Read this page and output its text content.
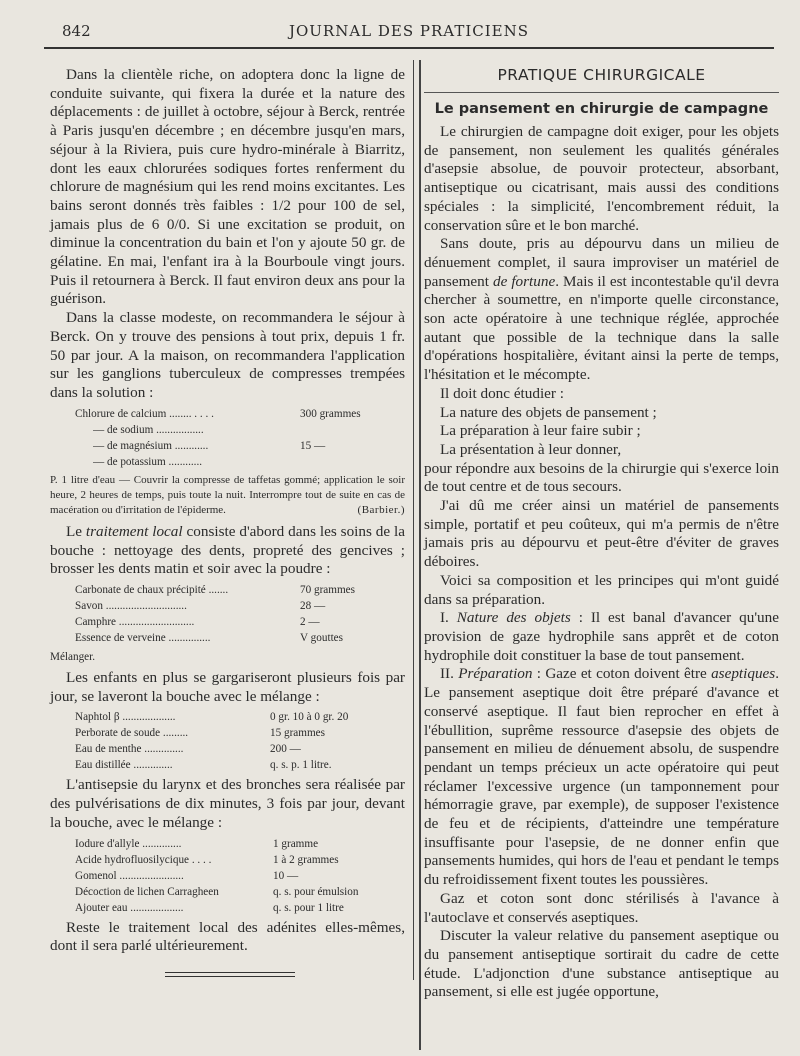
842	JOURNAL DES PRATICIENS

Dans la clientèle riche, on adoptera donc la ligne de conduite suivante, qui fixera la durée et la nature des déplacements : de juillet à octobre, séjour à Berck, rentrée à Paris jusqu'en décembre ; en décembre jusqu'en mars, séjour à la Riviera, puis cure hydro-minérale à Biarritz, dont les eaux chlorurées sodiques fortes renferment du chlorure de magnésium qui les rend moins excitantes. Les bains seront donnés très faibles : 1/2 pour 100 de sel, jamais plus de 6 0/0. Si une excitation se produit, on diminue la concentration du bain et l'on y ajoute 50 gr. de gélatine. En mai, l'enfant ira à la Bourboule vingt jours. Puis il retournera à Berck. Il faut environ deux ans pour la guérison.

Dans la classe modeste, on recommandera le séjour à Berck. On y trouve des pensions à tout prix, depuis 1 fr. 50 par jour. A la maison, on recommandera l'application sur les ganglions tuberculeux de compresses trempées dans la solution :

Chlorure de calcium ........ . . . .	300 grammes
— de sodium .................
— de magnésium ............	15 —
— de potassium ............
P. 1 litre d'eau — Couvrir la compresse de taffetas gommé; application le soir heure, 2 heures de temps, puis toute la nuit. Interrompre tout de suite en cas de macération ou d'irritation de l'épiderme.	(Barbier.)

Le traitement local consiste d'abord dans les soins de la bouche : nettoyage des dents, propreté des gencives ; brosser les dents matin et soir avec la poudre :

Carbonate de chaux précipité .......	70 grammes
Savon .............................	28 —
Camphre ...........................	2 —
Essence de verveine ...............	V gouttes
Mélanger.

Les enfants en plus se gargariseront plusieurs fois par jour, se laveront la bouche avec le mélange :

Naphtol β ...................	0 gr. 10 à 0 gr. 20
Perborate de soude .........	15 grammes
Eau de menthe ..............	200 —
Eau distillée ..............	q. s. p. 1 litre.

L'antisepsie du larynx et des bronches sera réalisée par des pulvérisations de dix minutes, 3 fois par jour, devant la bouche, avec le mélange :

Iodure d'allyle ..............	1 gramme
Acide hydrofluosilycique . . . .	1 à 2 grammes
Gomenol .......................	10 —
Décoction de lichen Carragheen	q. s. pour émulsion
Ajouter eau ...................	q. s. pour 1 litre

Reste le traitement local des adénites elles-mêmes, dont il sera parlé ultérieurement.

PRATIQUE CHIRURGICALE
Le pansement en chirurgie de campagne

Le chirurgien de campagne doit exiger, pour les objets de pansement, non seulement les qualités générales d'asepsie absolue, de pouvoir protecteur, absorbant, antiseptique ou cicatrisant, mais aussi des conditions spéciales : la simplicité, l'encombrement réduit, la conservation sûre et le bon marché.

Sans doute, pris au dépourvu dans un milieu de dénuement complet, il saura improviser un matériel de pansement de fortune. Mais il est incontestable qu'il devra chercher à soumettre, en n'importe quelle circonstance, son acte opératoire à une technique réglée, approchée autant que possible de la technique dans la salle d'opérations hospitalière, évitant ainsi la perte de temps, l'hésitation et le mécompte.

Il doit donc étudier :

La nature des objets de pansement ;

La préparation à leur faire subir ;

La présentation à leur donner,

pour répondre aux besoins de la chirurgie qui s'exerce loin de tout centre et de tous secours.

J'ai dû me créer ainsi un matériel de pansements simple, portatif et peu coûteux, qui m'a permis de n'être jamais pris au dépourvu et peut-être d'éviter de graves déboires.

Voici sa composition et les principes qui m'ont guidé dans sa préparation.

I. Nature des objets : Il est banal d'avancer qu'une provision de gaze hydrophile sans apprêt et de coton hydrophile doit constituer la base de tout pansement.

II. Préparation : Gaze et coton doivent être aseptiques. Le pansement aseptique doit être préparé d'avance et conservé aseptique. Il faut bien reprocher en effet à l'ébullition, suprême ressource d'asepsie des objets de pansement en milieu de dénuement absolu, de suspendre pendant un temps précieux un acte opératoire qui peut réclamer l'excessive urgence (un tamponnement pour hémorragie grave, par exemple), de supposer l'existence de feu et de récipients, d'atteindre une température insuffisante pour l'asepsie, de ne donner enfin que pansements humides, qui hors de l'eau et pendant le temps du refroidissement fixent toutes les poussières.

Gaz et coton sont donc stérilisés à l'avance à l'autoclave et conservés aseptiques.

Discuter la valeur relative du pansement aseptique ou du pansement antiseptique sortirait du cadre de cette étude. L'adjonction d'une substance antiseptique au pansement, si elle est jugée opportune,
